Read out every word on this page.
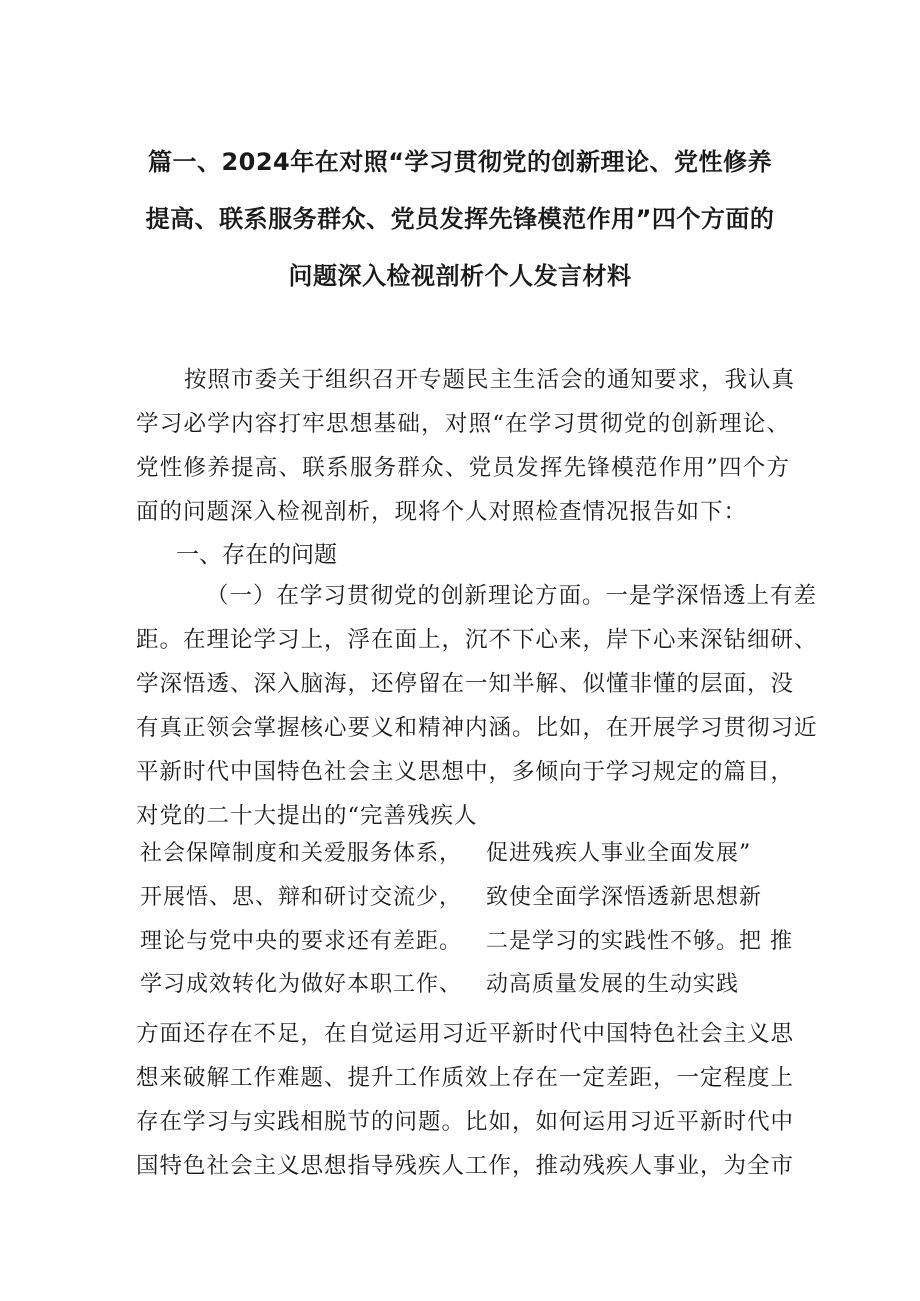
篇一、2024年在对照“学习贯彻党的创新理论、党性修养
提高、联系服务群众、党员发挥先锋模范作用”四个方面的
问题深入检视剖析个人发言材料
按照市委关于组织召开专题民主生活会的通知要求，我认真
学习必学内容打牢思想基础，对照“在学习贯彻党的创新理论、
党性修养提高、联系服务群众、党员发挥先锋模范作用”四个方
面的问题深入检视剖析，现将个人对照检查情况报告如下：
一、存在的问题
（一）在学习贯彻党的创新理论方面。一是学深悟透上有差
距。在理论学习上，浮在面上，沉不下心来，岸下心来深钻细研、
学深悟透、深入脑海，还停留在一知半解、似懂非懂的层面，没
有真正领会掌握核心要义和精神内涵。比如，在开展学习贯彻习近
平新时代中国特色社会主义思想中，多倾向于学习规定的篇目，
对党的二十大提出的“完善残疾人
社会保障制度和关爱服务体系， 促进残疾人事业全面发展”
开展悟、思、辩和研讨交流少， 致使全面学深悟透新思想新
理论与党中央的要求还有差距。 二是学习的实践性不够。把 推
学习成效转化为做好本职工作、 动高质量发展的生动实践
方面还存在不足，在自觉运用习近平新时代中国特色社会主义思
想来破解工作难题、提升工作质效上存在一定差距，一定程度上
存在学习与实践相脱节的问题。比如，如何运用习近平新时代中
国特色社会主义思想指导残疾人工作，推动残疾人事业，为全市
